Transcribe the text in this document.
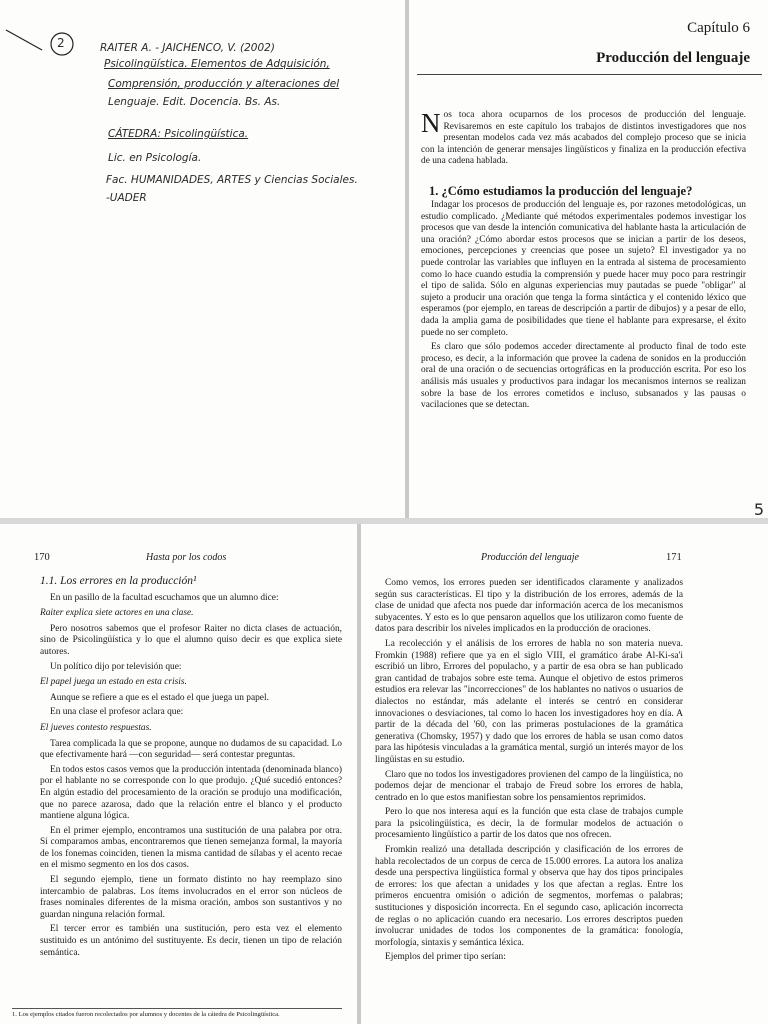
2	RAITER A. - JAICHENCO, V. (2002)
Psicolingüística. Elementos de Adquisición,
Comprensión, producción y alteraciones del
Lenguaje. Edit. Docencia. Bs. As.
CÁTEDRA: Psicolingüística.
Lic. en Psicología.
Fac. HUMANIDADES, ARTES y Ciencias Sociales.
-UADER
Capítulo 6
Producción del lenguaje
N os toca ahora ocuparnos de los procesos de producción del lenguaje. Revisaremos en este capítulo los trabajos de distintos investigadores que nos presentan modelos cada vez más acabados del complejo proceso que se inicia con la intención de generar mensajes lingüísticos y finaliza en la producción efectiva de una cadena hablada.
1. ¿Cómo estudiamos la producción del lenguaje?

Indagar los procesos de producción del lenguaje es, por razones metodológicas, un estudio complicado. ¿Mediante qué métodos experimentales podemos investigar los procesos que van desde la intención comunicativa del hablante hasta la articulación de una oración? ¿Cómo abordar estos procesos que se inician a partir de los deseos, emociones, percepciones y creencias que posee un sujeto? El investigador ya no puede controlar las variables que influyen en la entrada al sistema de procesamiento como lo hace cuando estudia la comprensión y puede hacer muy poco para restringir el tipo de salida. Sólo en algunas experiencias muy pautadas se puede "obligar" al sujeto a producir una oración que tenga la forma sintáctica y el contenido léxico que esperamos (por ejemplo, en tareas de descripción a partir de dibujos) y a pesar de ello, dada la amplia gama de posibilidades que tiene el hablante para expresarse, el éxito puede no ser completo.

Es claro que sólo podemos acceder directamente al producto final de todo este proceso, es decir, a la información que provee la cadena de sonidos en la producción oral de una oración o de secuencias ortográficas en la producción escrita. Por eso los análisis más usuales y productivos para indagar los mecanismos internos se realizan sobre la base de los errores cometidos e incluso, subsanados y las pausas o vacilaciones que se detectan.

5
170	Hasta por los codos
1.1. Los errores en la producción¹

En un pasillo de la facultad escuchamos que un alumno dice:

Raiter explica siete actores en una clase.

Pero nosotros sabemos que el profesor Raiter no dicta clases de actuación, sino de Psicolingüística y lo que el alumno quiso decir es que explica siete autores.

Un político dijo por televisión que:

El papel juega un estado en esta crisis.

Aunque se refiere a que es el estado el que juega un papel.

En una clase el profesor aclara que:

El jueves contesto respuestas.

Tarea complicada la que se propone, aunque no dudamos de su capacidad. Lo que efectivamente hará —con seguridad— será contestar preguntas.

En todos estos casos vemos que la producción intentada (denominada blanco) por el hablante no se corresponde con lo que produjo. ¿Qué sucedió entonces? En algún estadio del procesamiento de la oración se produjo una modificación, que no parece azarosa, dado que la relación entre el blanco y el producto mantiene alguna lógica.

En el primer ejemplo, encontramos una sustitución de una palabra por otra. Si comparamos ambas, encontraremos que tienen semejanza formal, la mayoría de los fonemas coinciden, tienen la misma cantidad de sílabas y el acento recae en el mismo segmento en los dos casos.

El segundo ejemplo, tiene un formato distinto no hay reemplazo sino intercambio de palabras. Los ítems involucrados en el error son núcleos de frases nominales diferentes de la misma oración, ambos son sustantivos y no guardan ninguna relación formal.

El tercer error es también una sustitución, pero esta vez el elemento sustituido es un antónimo del sustituyente. Es decir, tienen un tipo de relación semántica.

1. Los ejemplos citados fueron recolectados por alumnos y docentes de la cátedra de Psicolingüística.
Producción del lenguaje	171

Como vemos, los errores pueden ser identificados claramente y analizados según sus características. El tipo y la distribución de los errores, además de la clase de unidad que afecta nos puede dar información acerca de los mecanismos subyacentes. Y esto es lo que pensaron aquellos que los utilizaron como fuente de datos para describir los niveles implicados en la producción de oraciones.

La recolección y el análisis de los errores de habla no son materia nueva. Fromkin (1988) refiere que ya en el siglo VIII, el gramático árabe Al-Ki-sa'i escribió un libro, Errores del populacho, y a partir de esa obra se han publicado gran cantidad de trabajos sobre este tema. Aunque el objetivo de estos primeros estudios era relevar las "incorrecciones" de los hablantes no nativos o usuarios de dialectos no estándar, más adelante el interés se centró en considerar innovaciones o desviaciones, tal como lo hacen los investigadores hoy en día. A partir de la década del '60, con las primeras postulaciones de la gramática generativa (Chomsky, 1957) y dado que los errores de habla se usan como datos para las hipótesis vinculadas a la gramática mental, surgió un interés mayor de los lingüistas en su estudio.

Claro que no todos los investigadores provienen del campo de la lingüística, no podemos dejar de mencionar el trabajo de Freud sobre los errores de habla, centrado en lo que estos manifiestan sobre los pensamientos reprimidos.

Pero lo que nos interesa aquí es la función que esta clase de trabajos cumple para la psicolingüística, es decir, la de formular modelos de actuación o procesamiento lingüístico a partir de los datos que nos ofrecen.

Fromkin realizó una detallada descripción y clasificación de los errores de habla recolectados de un corpus de cerca de 15.000 errores. La autora los analiza desde una perspectiva lingüística formal y observa que hay dos tipos principales de errores: los que afectan a unidades y los que afectan a reglas. Entre los primeros encuentra omisión o adición de segmentos, morfemas o palabras; sustituciones y disposición incorrecta. En el segundo caso, aplicación incorrecta de reglas o no aplicación cuando era necesario. Los errores descriptos pueden involucrar unidades de todos los componentes de la gramática: fonología, morfología, sintaxis y semántica léxica.

Ejemplos del primer tipo serían:
